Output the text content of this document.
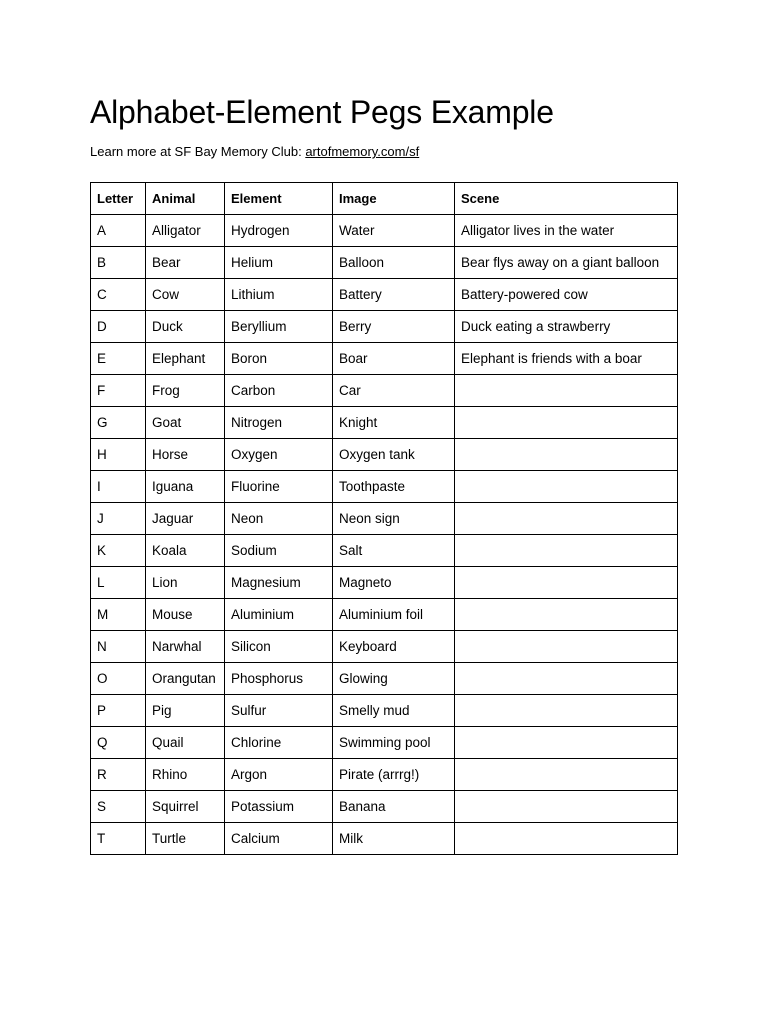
Alphabet-Element Pegs Example

Learn more at SF Bay Memory Club: artofmemory.com/sf

Letter	Animal	Element	Image	Scene
A	Alligator	Hydrogen	Water	Alligator lives in the water
B	Bear	Helium	Balloon	Bear flys away on a giant balloon
C	Cow	Lithium	Battery	Battery-powered cow
D	Duck	Beryllium	Berry	Duck eating a strawberry
E	Elephant	Boron	Boar	Elephant is friends with a boar
F	Frog	Carbon	Car	
G	Goat	Nitrogen	Knight	
H	Horse	Oxygen	Oxygen tank	
I	Iguana	Fluorine	Toothpaste	
J	Jaguar	Neon	Neon sign	
K	Koala	Sodium	Salt	
L	Lion	Magnesium	Magneto	
M	Mouse	Aluminium	Aluminium foil	
N	Narwhal	Silicon	Keyboard	
O	Orangutan	Phosphorus	Glowing	
P	Pig	Sulfur	Smelly mud	
Q	Quail	Chlorine	Swimming pool	
R	Rhino	Argon	Pirate (arrrg!)	
S	Squirrel	Potassium	Banana	
T	Turtle	Calcium	Milk	
